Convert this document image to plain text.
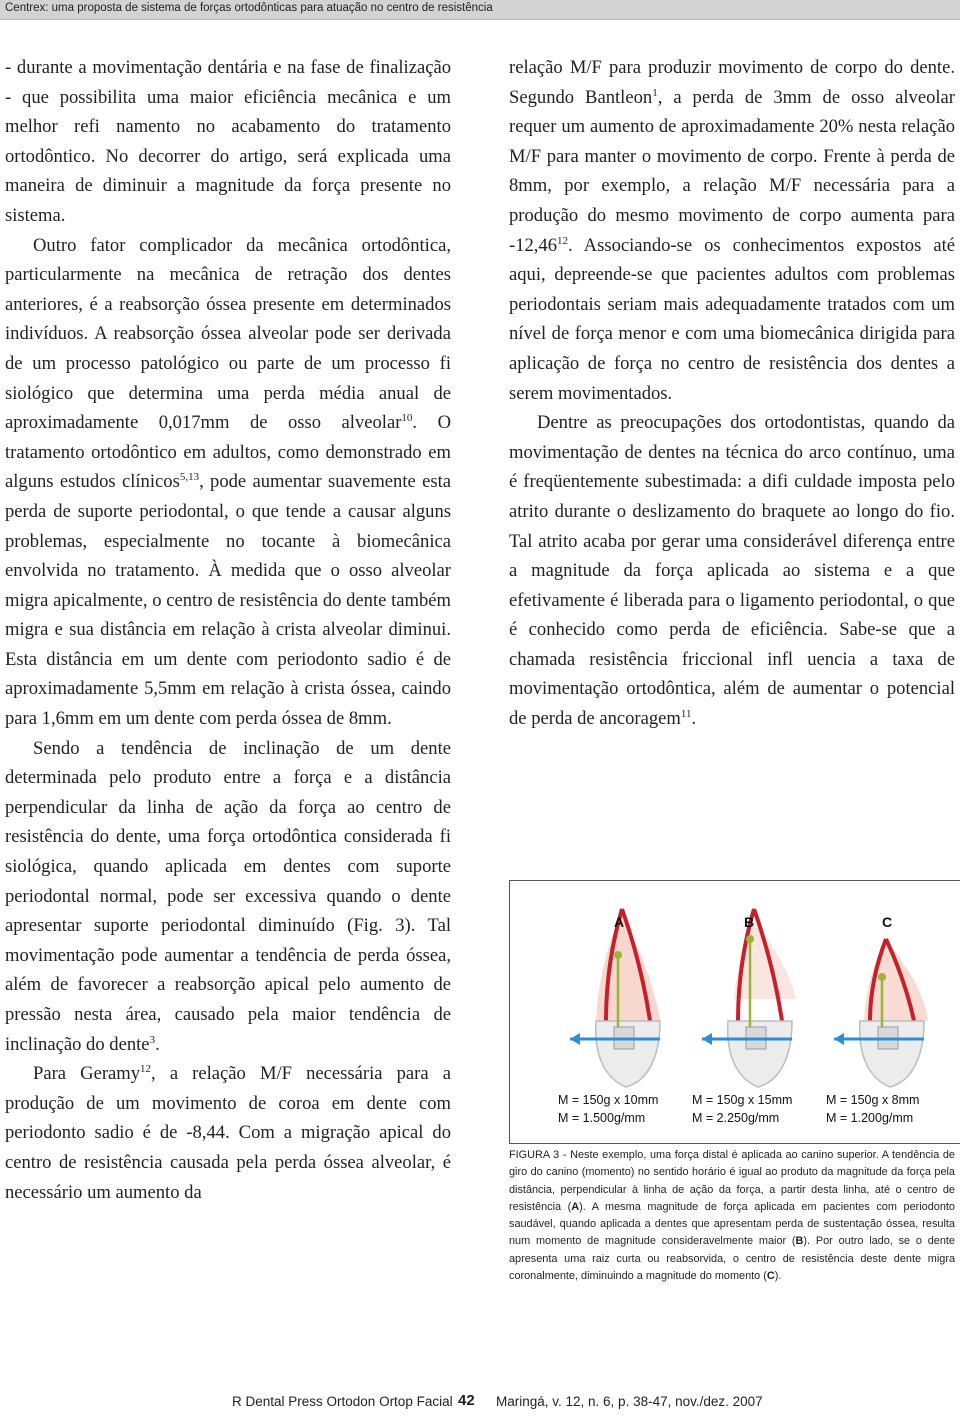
Centrex: uma proposta de sistema de forças ortodônticas para atuação no centro de resistência

- durante a movimentação dentária e na fase de finalização - que possibilita uma maior eficiência mecânica e um melhor refi namento no acabamento do tratamento ortodôntico. No decorrer do artigo, será explicada uma maneira de diminuir a magnitude da força presente no sistema.

Outro fator complicador da mecânica ortodôntica, particularmente na mecânica de retração dos dentes anteriores, é a reabsorção óssea presente em determinados indivíduos. A reabsorção óssea alveolar pode ser derivada de um processo patológico ou parte de um processo fi siológico que determina uma perda média anual de aproximadamente 0,017mm de osso alveolar$^{10}$. O tratamento ortodôntico em adultos, como demonstrado em alguns estudos clínicos$^{5,13}$, pode aumentar suavemente esta perda de suporte periodontal, o que tende a causar alguns problemas, especialmente no tocante à biomecânica envolvida no tratamento. À medida que o osso alveolar migra apicalmente, o centro de resistência do dente também migra e sua distância em relação à crista alveolar diminui. Esta distância em um dente com periodonto sadio é de aproximadamente 5,5mm em relação à crista óssea, caindo para 1,6mm em um dente com perda óssea de 8mm.

Sendo a tendência de inclinação de um dente determinada pelo produto entre a força e a distância perpendicular da linha de ação da força ao centro de resistência do dente, uma força ortodôntica considerada fi siológica, quando aplicada em dentes com suporte periodontal normal, pode ser excessiva quando o dente apresentar suporte periodontal diminuído (Fig. 3). Tal movimentação pode aumentar a tendência de perda óssea, além de favorecer a reabsorção apical pelo aumento de pressão nesta área, causado pela maior tendência de inclinação do dente$^3$.

Para Geramy$^{12}$, a relação M/F necessária para a produção de um movimento de coroa em dente com periodonto sadio é de -8,44. Com a migração apical do centro de resistência causada pela perda óssea alveolar, é necessário um aumento da

relação M/F para produzir movimento de corpo do dente. Segundo Bantleon$^1$, a perda de 3mm de osso alveolar requer um aumento de aproximadamente 20% nesta relação M/F para manter o movimento de corpo. Frente à perda de 8mm, por exemplo, a relação M/F necessária para a produção do mesmo movimento de corpo aumenta para -12,46$^{12}$. Associando-se os conhecimentos expostos até aqui, depreende-se que pacientes adultos com problemas periodontais seriam mais adequadamente tratados com um nível de força menor e com uma biomecânica dirigida para aplicação de força no centro de resistência dos dentes a serem movimentados.

Dentre as preocupações dos ortodontistas, quando da movimentação de dentes na técnica do arco contínuo, uma é freqüentemente subestimada: a difi culdade imposta pelo atrito durante o deslizamento do braquete ao longo do fio. Tal atrito acaba por gerar uma considerável diferença entre a magnitude da força aplicada ao sistema e a que efetivamente é liberada para o ligamento periodontal, o que é conhecido como perda de eficiência. Sabe-se que a chamada resistência friccional infl uencia a taxa de movimentação ortodôntica, além de aumentar o potencial de perda de ancoragem$^{11}$.

A	B	C
M = 150g x 10mm
M = 1.500g/mm
M = 150g x 15mm
M = 2.250g/mm
M = 150g x 8mm
M = 1.200g/mm
FIGURA 3 - Neste exemplo, uma força distal é aplicada ao canino superior. A tendência de giro do canino (momento) no sentido horário é igual ao produto da magnitude da força pela distância, perpendicular à linha de ação da força, a partir desta linha, até o centro de resistência (A). A mesma magnitude de força aplicada em pacientes com periodonto saudável, quando aplicada a dentes que apresentam perda de sustentação óssea, resulta num momento de magnitude consideravelmente maior (B). Por outro lado, se o dente apresenta uma raiz curta ou reabsorvida, o centro de resistência deste dente migra coronalmente, diminuindo a magnitude do momento (C).
R Dental Press Ortodon Ortop Facial 42 Maringá, v. 12, n. 6, p. 38-47, nov./dez. 2007
